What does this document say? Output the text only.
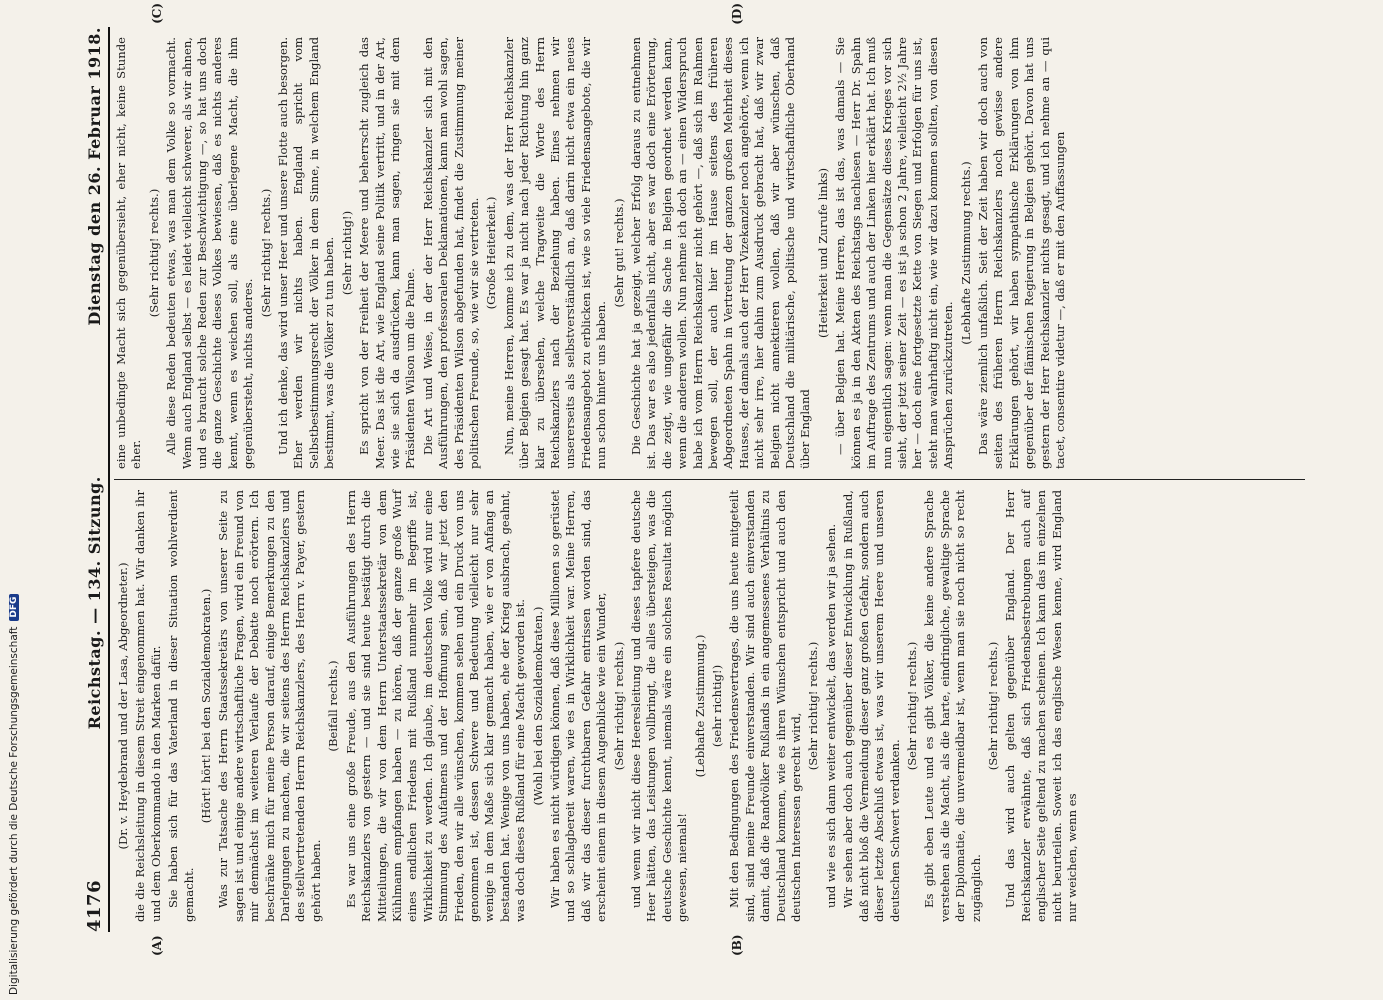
4176
Reichstag. — 134. Sitzung.
Dienstag den 26. Februar 1918.
(A)	(B)

(Dr. v. Heydebrand und der Lasa, Abgeordneter.) die die Reichsleitung in diesem Streit eingenommen hat. Wir danken ihr und dem Oberkommando in den Marken dafür. Sie haben sich für das Vaterland in dieser Situation wohlverdient gemacht.

(Hört! hört! bei den Sozialdemokraten.) Was zur Tatsache des Herrn Staatssekretärs von unserer Seite zu sagen ist und einige andere wirtschaftliche Fragen, wird ein Freund von mir demnächst im weiteren Verlaufe der Debatte noch erörtern. Ich beschränke mich für meine Person darauf, einige Bemerkungen zu den Darlegungen zu machen, die wir seitens des Herrn Reichskanzlers und des stellvertretenden Herrn Reichskanzlers, des Herrn v. Payer, gestern gehört haben.

(Beifall rechts.) Es war uns eine große Freude, aus den Ausführungen des Herrn Reichskanzlers von gestern — und sie sind heute bestätigt durch die Mitteilungen, die wir von dem Herrn Unterstaatssekretär von dem Kühlmann empfangen haben — zu hören, daß der ganze große Wurf eines endlichen Friedens mit Rußland nunmehr im Begriffe ist, Wirklichkeit zu werden. Ich glaube, im deutschen Volke wird nur eine Stimmung des Aufatmens und der Hoffnung sein, daß wir jetzt den Frieden, den wir alle wünschen, kommen sehen und ein Druck von uns genommen ist, dessen Schwere und Bedeutung vielleicht nur sehr wenige in dem Maße sich klar gemacht haben, wie er von Anfang an bestanden hat. Wenige von uns haben, ehe der Krieg ausbrach, geahnt, was doch dieses Rußland für eine Macht geworden ist. (Wohl bei den Sozialdemokraten.) Wir haben es nicht würdigen können, daß diese Millionen so gerüstet und so schlagbereit waren, wie es in Wirklichkeit war. Meine Herren, daß wir das dieser furchtbaren Gefahr entrissen worden sind, das erscheint einem in diesem Augenblicke wie ein Wunder, (Sehr richtig! rechts.) und wenn wir nicht diese Heeresleitung und dieses tapfere deutsche Heer hätten, das Leistungen vollbringt, die alles übersteigen, was die deutsche Geschichte kennt, niemals wäre ein solches Resultat möglich gewesen, niemals!

(Lebhafte Zustimmung.) (sehr richtig!) Mit den Bedingungen des Friedensvertrages, die uns heute mitgeteilt sind, sind meine Freunde einverstanden. Wir sind auch einverstanden damit, daß die Randvölker Rußlands in ein angemessenes Verhältnis zu Deutschland kommen, wie es ihren Wünschen entspricht und auch den deutschen Interessen gerecht wird,

(Sehr richtig! rechts.) und wie es sich dann weiter entwickelt, das werden wir ja sehen. Wir sehen aber doch auch gegenüber dieser Entwicklung in Rußland, daß nicht bloß die Vermeidung dieser ganz großen Gefahr, sondern auch dieser letzte Abschluß etwas ist, was wir unserem Heere und unseren deutschen Schwert verdanken.

(Sehr richtig! rechts.) Es gibt eben Leute und es gibt Völker, die keine andere Sprache verstehen als die Macht, als die harte, eindringliche, gewaltige Sprache der Diplomatie, die unvermeidbar ist, wenn man sie noch nicht so recht zugänglich.

(Sehr richtig! rechts.) Und das wird auch gelten gegenüber England. Der Herr Reichskanzler erwähnte, daß sich Friedensbestrebungen auch auf englischer Seite geltend zu machen scheinen. Ich kann das im einzelnen nicht beurteilen. Soweit ich das englische Wesen kenne, wird England nur weichen, wenn es

(C)	(D)

eine unbedingte Macht sich gegenübersieht, eher nicht, keine Stunde eher.

(Sehr richtig! rechts.) Alle diese Reden bedeuten etwas, was man dem Volke so vormacht. Wenn auch England selbst — es leidet vielleicht schwerer, als wir ahnen, und es braucht solche Reden zur Beschwichtigung —, so hat uns doch die ganze Geschichte dieses Volkes bewiesen, daß es nichts anderes kennt, wenn es weichen soll, als eine überlegene Macht, die ihm gegenübersteht, nichts anderes.

(Sehr richtig! rechts.) Und ich denke, das wird unser Heer und unsere Flotte auch besorgen. Eher werden wir nichts haben. England spricht vom Selbstbestimmungsrecht der Völker in dem Sinne, in welchem England bestimmt, was die Völker zu tun haben. (Sehr richtig!) Es spricht von der Freiheit der Meere und beherrscht zugleich das Meer. Das ist die Art, wie England seine Politik vertritt, und in der Art, wie sie sich da ausdrücken, kann man sagen, ringen sie mit dem Präsidenten Wilson um die Palme. Die Art und Weise, in der der Herr Reichskanzler sich mit den Ausführungen, den professoralen Deklamationen, kann man wohl sagen, des Präsidenten Wilson abgefunden hat, findet die Zustimmung meiner politischen Freunde, so, wie wir sie vertreten. (Große Heiterkeit.) Nun, meine Herren, komme ich zu dem, was der Herr Reichskanzler über Belgien gesagt hat. Es war ja nicht nach jeder Richtung hin ganz klar zu übersehen, welche Tragweite die Worte des Herrn Reichskanzlers nach der Beziehung haben. Eines nehmen wir unsererseits als selbstverständlich an, daß darin nicht etwa ein neues Friedensangebot zu erblicken ist, wie so viele Friedensangebote, die wir nun schon hinter uns haben.

(Sehr gut! rechts.) Die Geschichte hat ja gezeigt, welcher Erfolg daraus zu entnehmen ist. Das war es also jedenfalls nicht, aber es war doch eine Erörterung, die zeigt, wie ungefähr die Sache in Belgien geordnet werden kann, wenn die anderen wollen. Nun nehme ich doch an — einen Widerspruch habe ich vom Herrn Reichskanzler nicht gehört —, daß sich im Rahmen bewegen soll, der auch hier im Hause seitens des früheren Abgeordneten Spahn in Vertretung der ganzen großen Mehrheit dieses Hauses, der damals auch der Herr Vizekanzler noch angehörte, wenn ich nicht sehr irre, hier dahin zum Ausdruck gebracht hat, daß wir zwar Belgien nicht annektieren wollen, daß wir aber wünschen, daß Deutschland die militärische, politische und wirtschaftliche Oberhand über England

(Heiterkeit und Zurufe links) — über Belgien hat. Meine Herren, das ist das, was damals — Sie können es ja in den Akten des Reichstags nachlesen — Herr Dr. Spahn im Auftrage des Zentrums und auch der Linken hier erklärt hat. Ich muß nun eigentlich sagen: wenn man die Gegensätze dieses Krieges vor sich sieht, der jetzt seiner Zeit — es ist ja schon 2 Jahre, vielleicht 2½ Jahre her — doch eine fortgesetzte Kette von Siegen und Erfolgen für uns ist, steht man wahrhaftig nicht ein, wie wir dazu kommen sollten, von diesen Ansprüchen zurückzutreten.

(Lebhafte Zustimmung rechts.) Das wäre ziemlich unfaßlich. Seit der Zeit haben wir doch auch von seiten des früheren Herrn Reichskanzlers noch gewisse andere Erklärungen gehört, wir haben sympathische Erklärungen von ihm gegenüber der flämischen Regierung in Belgien gehört. Davon hat uns gestern der Herr Reichskanzler nichts gesagt, und ich nehme an — qui tacet, consentire videtur —, daß er mit den Auffassungen

Digitalisierung gefördert durch die Deutsche Forschungsgemeinschaft
DFG
